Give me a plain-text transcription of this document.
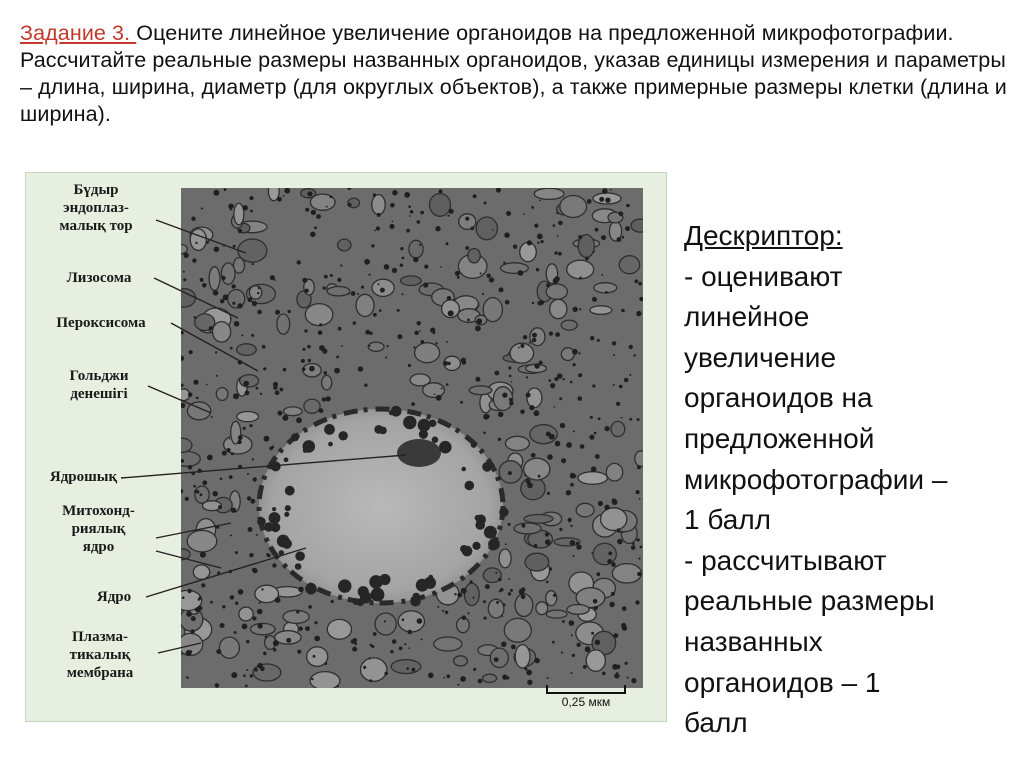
Задание 3. Оцените линейное увеличение органоидов на предложенной микрофотографии. Рассчитайте реальные размеры названных органоидов, указав единицы измерения и параметры – длина, ширина, диаметр (для округлых объектов), а также примерные размеры клетки (длина и ширина).
Бүдыр
эндоплаз-
малық тор
Лизосома
Пероксисома
Гольджи
денешігі
Ядрошық
Митохонд-
риялық
ядро
Ядро
Плазма-
тикалық
мембрана
0,25 мкм
Дескриптор:
- оценивают
линейное
увеличение
органоидов на
предложенной
микрофотографии –
1 балл
- рассчитывают
реальные размеры
названных
органоидов – 1
балл
